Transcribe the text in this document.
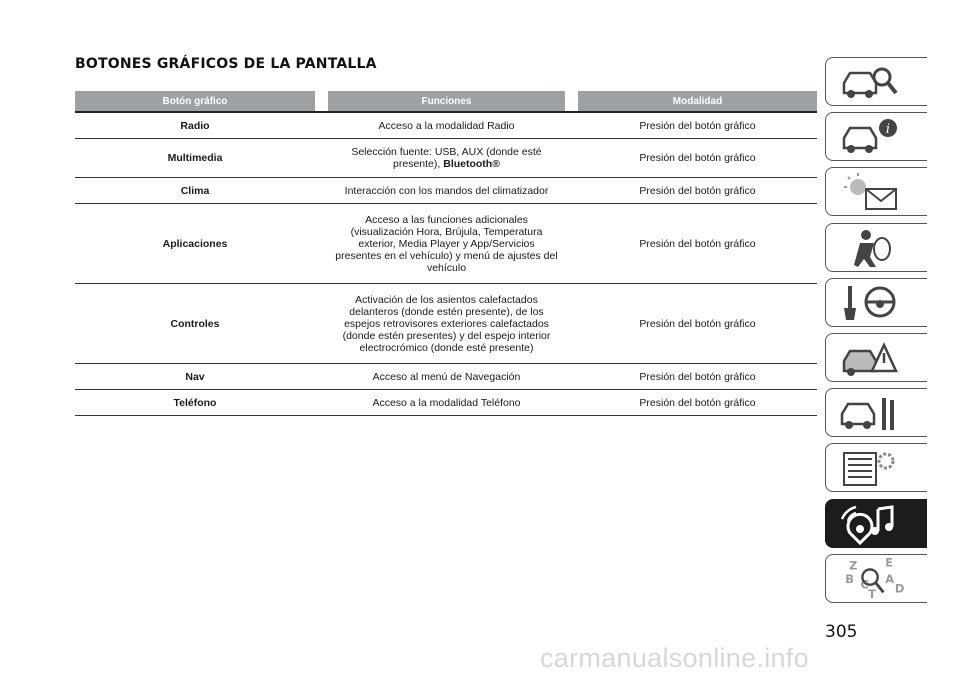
BOTONES GRÁFICOS DE LA PANTALLA
Botón gráfico		Funciones		Modalidad
Radio		Acceso a la modalidad Radio		Presión del botón gráfico
Multimedia		Selección fuente: USB, AUX (donde esté presente), Bluetooth®		Presión del botón gráfico
Clima		Interacción con los mandos del climatizador		Presión del botón gráfico
Aplicaciones		Acceso a las funciones adicionales (visualización Hora, Brújula, Temperatura exterior, Media Player y App/Servicios presentes en el vehículo) y menú de ajustes del vehículo		Presión del botón gráfico
Controles		Activación de los asientos calefactados delanteros (donde estén presente), de los espejos retrovisores exteriores calefactados (donde estén presentes) y del espejo interior electrocrómico (donde esté presente)		Presión del botón gráfico
Nav		Acceso al menú de Navegación		Presión del botón gráfico
Teléfono		Acceso a la modalidad Teléfono		Presión del botón gráfico
i
Z E
B	A
C D
T
305
carmanualsonline.info
